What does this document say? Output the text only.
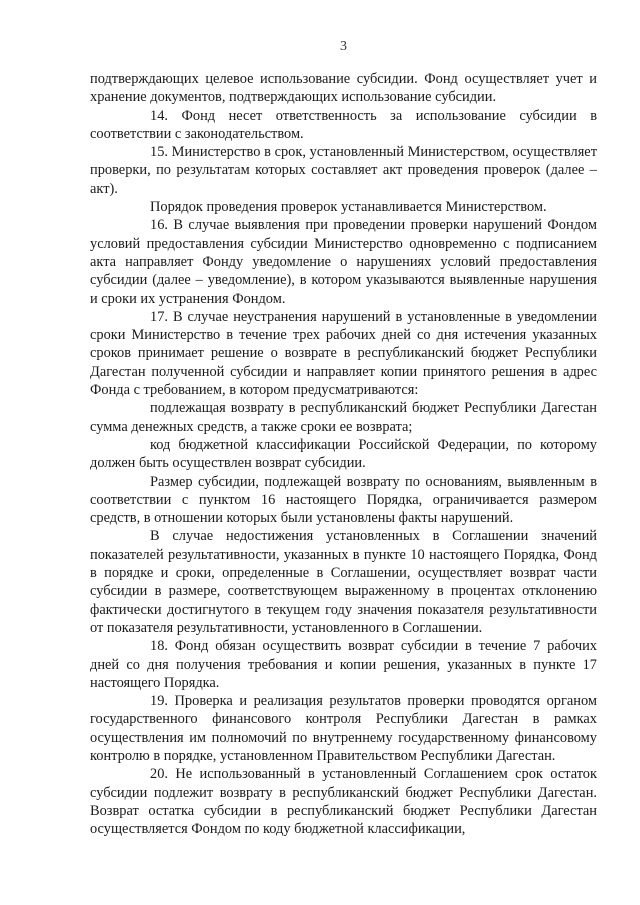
3

подтверждающих целевое использование субсидии. Фонд осуществляет учет и хранение документов, подтверждающих использование субсидии.

14. Фонд несет ответственность за использование субсидии в соответствии с законодательством.

15. Министерство в срок, установленный Министерством, осуществляет проверки, по результатам которых составляет акт проведения проверок (далее – акт).

Порядок проведения проверок устанавливается Министерством.

16. В случае выявления при проведении проверки нарушений Фондом условий предоставления субсидии Министерство одновременно с подписанием акта направляет Фонду уведомление о нарушениях условий предоставления субсидии (далее – уведомление), в котором указываются выявленные нарушения и сроки их устранения Фондом.

17. В случае неустранения нарушений в установленные в уведомлении сроки Министерство в течение трех рабочих дней со дня истечения указанных сроков принимает решение о возврате в республиканский бюджет Республики Дагестан полученной субсидии и направляет копии принятого решения в адрес Фонда с требованием, в котором предусматриваются:

подлежащая возврату в республиканский бюджет Республики Дагестан сумма денежных средств, а также сроки ее возврата;

код бюджетной классификации Российской Федерации, по которому должен быть осуществлен возврат субсидии.

Размер субсидии, подлежащей возврату по основаниям, выявленным в соответствии с пунктом 16 настоящего Порядка, ограничивается размером средств, в отношении которых были установлены факты нарушений.

В случае недостижения установленных в Соглашении значений показателей результативности, указанных в пункте 10 настоящего Порядка, Фонд в порядке и сроки, определенные в Соглашении, осуществляет возврат части субсидии в размере, соответствующем выраженному в процентах отклонению фактически достигнутого в текущем году значения показателя результативности от показателя результативности, установленного в Соглашении.

18. Фонд обязан осуществить возврат субсидии в течение 7 рабочих дней со дня получения требования и копии решения, указанных в пункте 17 настоящего Порядка.

19. Проверка и реализация результатов проверки проводятся органом государственного финансового контроля Республики Дагестан в рамках осуществления им полномочий по внутреннему государственному финансовому контролю в порядке, установленном Правительством Республики Дагестан.

20. Не использованный в установленный Соглашением срок остаток субсидии подлежит возврату в республиканский бюджет Республики Дагестан. Возврат остатка субсидии в республиканский бюджет Республики Дагестан осуществляется Фондом по коду бюджетной классификации,
